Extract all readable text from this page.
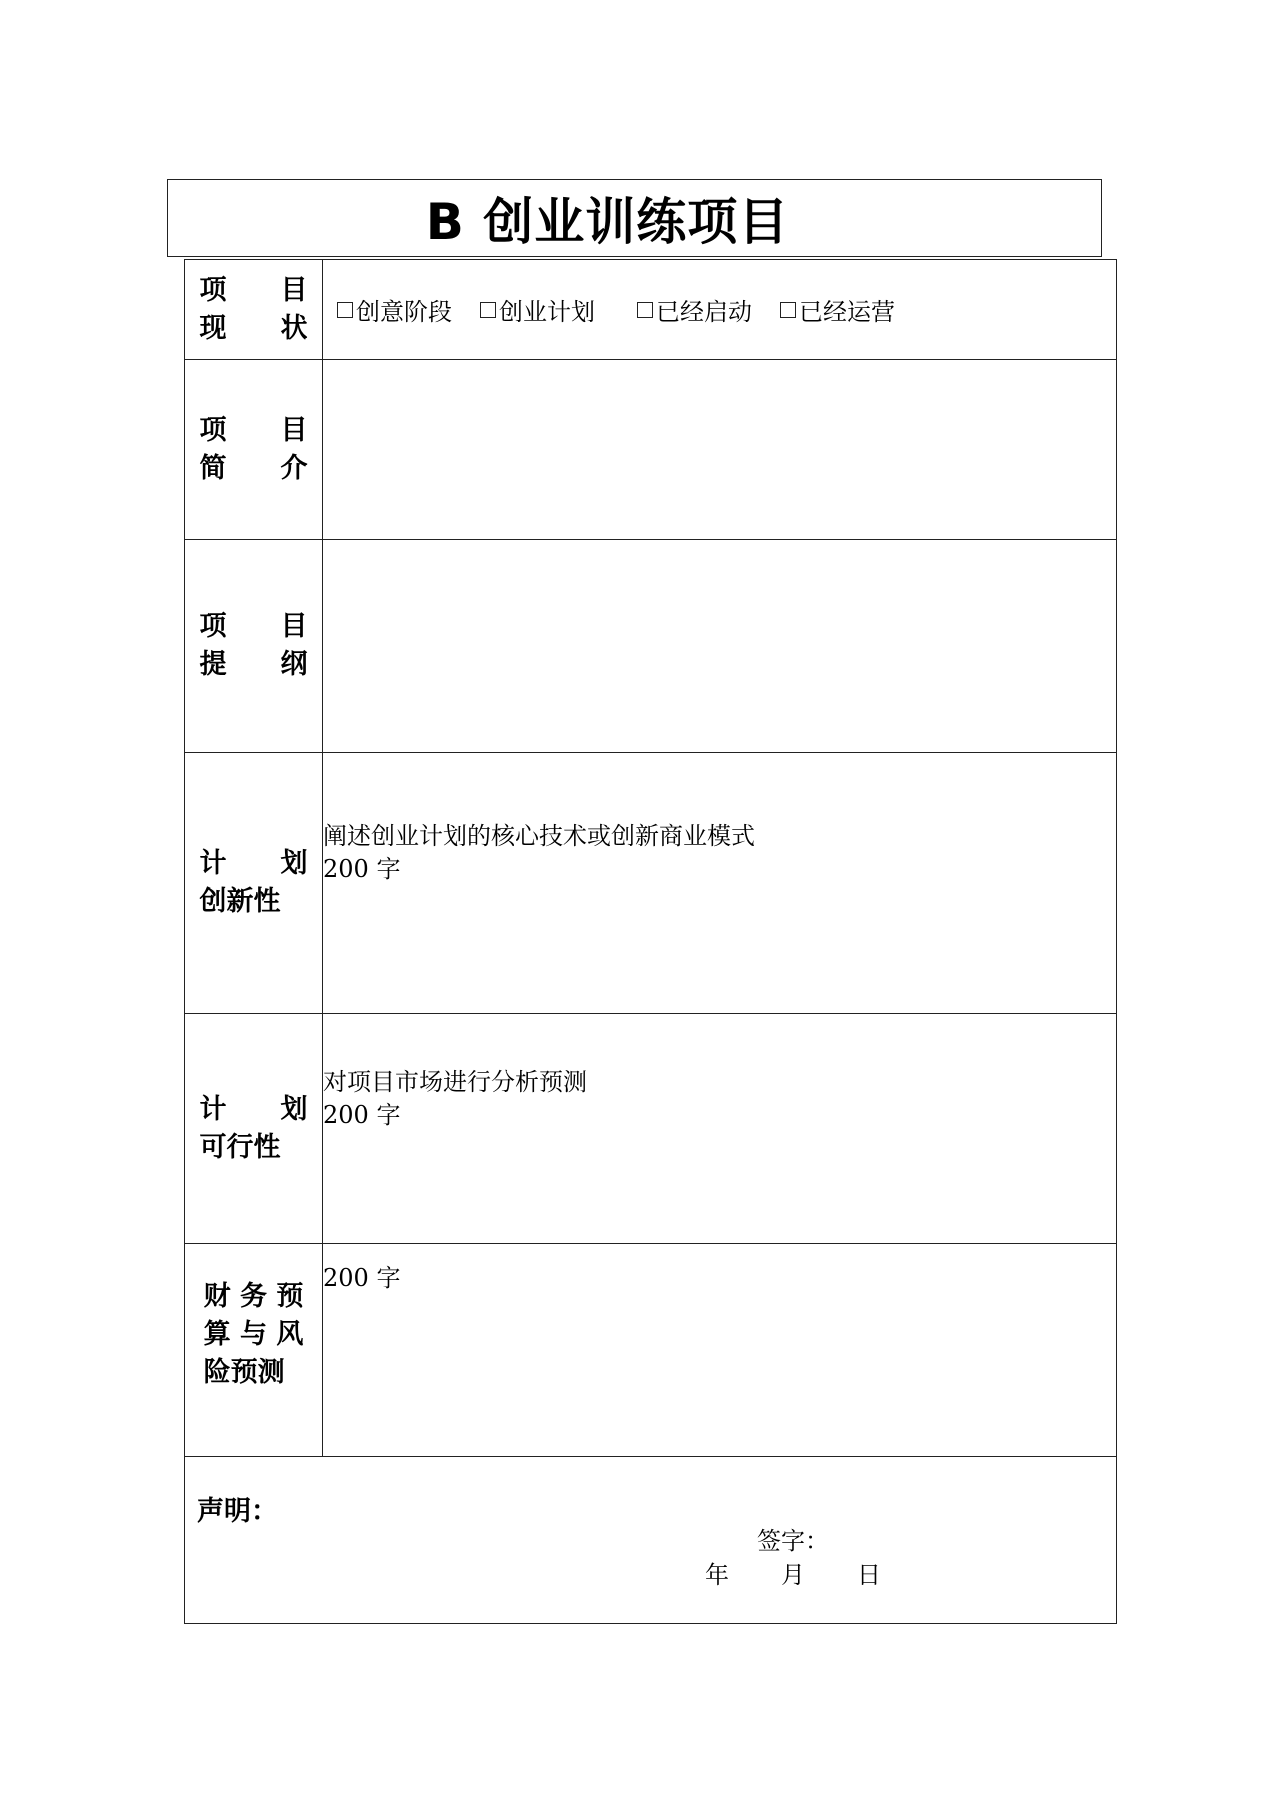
B 创业训练项目
项　　目
现　　状	创意阶段 创业计划 已经启动 已经运营

项　　目
简　　介	

项　　目
提　　纲	

计　　划
创新性	阐述创业计划的核心技术或创新商业模式
200 字

计　　划
可行性	对项目市场进行分析预测
200 字

财 务 预
算 与 风
险预测	200 字

声明：
签字：
年 月 日	
